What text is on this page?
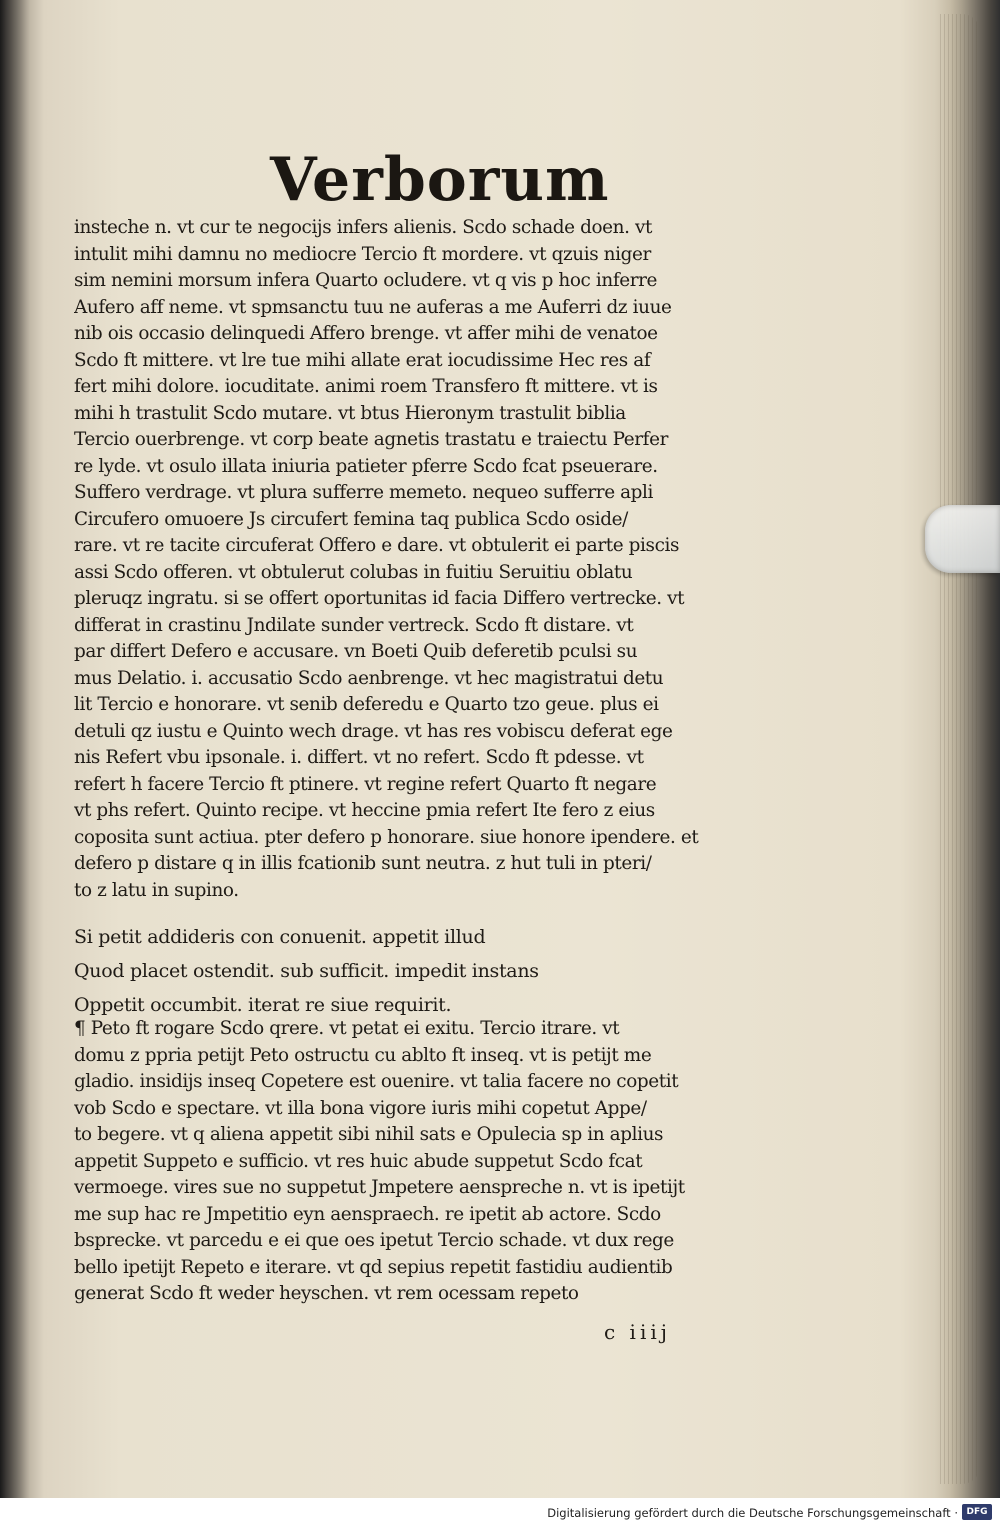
Verborum
insteche n. vt cur te negocijs infers alienis. Scdo schade doen. vt
intulit mihi damnu no mediocre Tercio ft mordere. vt qzuis niger
sim nemini morsum infera Quarto ocludere. vt q vis p hoc inferre
Aufero aff neme. vt spmsanctu tuu ne auferas a me Auferri dz iuue
nib ois occasio delinquedi Affero brenge. vt affer mihi de venatoe
Scdo ft mittere. vt lre tue mihi allate erat iocudissime Hec res af
fert mihi dolore. iocuditate. animi roem Transfero ft mittere. vt is
mihi h trastulit Scdo mutare. vt btus Hieronym trastulit biblia
Tercio ouerbrenge. vt corp beate agnetis trastatu e traiectu Perfer
re lyde. vt osulo illata iniuria patieter pferre Scdo fcat pseuerare.
Suffero verdrage. vt plura sufferre memeto. nequeo sufferre apli
Circufero omuoere Js circufert femina taq publica Scdo oside/
rare. vt re tacite circuferat Offero e dare. vt obtulerit ei parte piscis
assi Scdo offeren. vt obtulerut colubas in fuitiu Seruitiu oblatu
pleruqz ingratu. si se offert oportunitas id facia Differo vertrecke. vt
differat in crastinu Jndilate sunder vertreck. Scdo ft distare. vt
par differt Defero e accusare. vn Boeti Quib deferetib pculsi su
mus Delatio. i. accusatio Scdo aenbrenge. vt hec magistratui detu
lit Tercio e honorare. vt senib deferedu e Quarto tzo geue. plus ei
detuli qz iustu e Quinto wech drage. vt has res vobiscu deferat ege
nis Refert vbu ipsonale. i. differt. vt no refert. Scdo ft pdesse. vt
refert h facere Tercio ft ptinere. vt regine refert Quarto ft negare
vt phs refert. Quinto recipe. vt heccine pmia refert Ite fero z eius
coposita sunt actiua. pter defero p honorare. siue honore ipendere. et
defero p distare q in illis fcationib sunt neutra. z hut tuli in pteri/
to z latu in supino.
Si petit addideris con conuenit. appetit illud
Quod placet ostendit. sub sufficit. impedit instans
Oppetit occumbit. iterat re siue requirit.
¶ Peto ft rogare Scdo qrere. vt petat ei exitu. Tercio itrare. vt
domu z ppria petijt Peto ostructu cu ablto ft inseq. vt is petijt me
gladio. insidijs inseq Copetere est ouenire. vt talia facere no copetit
vob Scdo e spectare. vt illa bona vigore iuris mihi copetut Appe/
to begere. vt q aliena appetit sibi nihil sats e Opulecia sp in aplius
appetit Suppeto e sufficio. vt res huic abude suppetut Scdo fcat
vermoege. vires sue no suppetut Jmpetere aenspreche n. vt is ipetijt
me sup hac re Jmpetitio eyn aenspraech. re ipetit ab actore. Scdo
bsprecke. vt parcedu e ei que oes ipetut Tercio schade. vt dux rege
bello ipetijt Repeto e iterare. vt qd sepius repetit fastidiu audientib
generat Scdo ft weder heyschen. vt rem ocessam repeto
c iiij
Digitalisierung gefördert durch die Deutsche Forschungsgemeinschaft · DFG
